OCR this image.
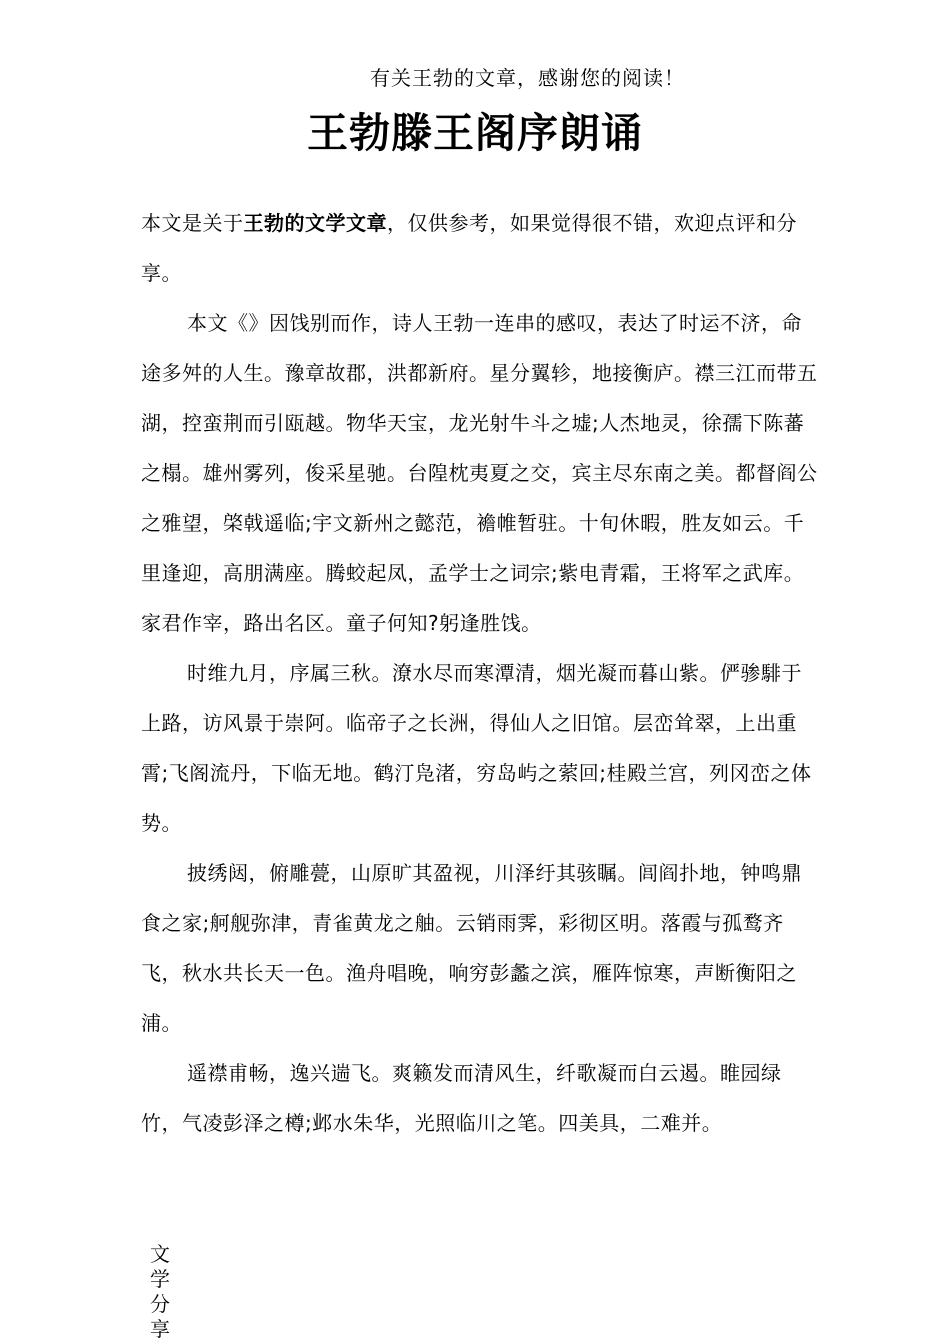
有关王勃的文章，感谢您的阅读！
王勃滕王阁序朗诵

本文是关于王勃的文学文章，仅供参考，如果觉得很不错，欢迎点评和分享。

本文《》因饯别而作，诗人王勃一连串的感叹，表达了时运不济，命途多舛的人生。豫章故郡，洪都新府。星分翼轸，地接衡庐。襟三江而带五湖，控蛮荆而引瓯越。物华天宝，龙光射牛斗之墟;人杰地灵，徐孺下陈蕃之榻。雄州雾列，俊采星驰。台隍枕夷夏之交，宾主尽东南之美。都督阎公之雅望，棨戟遥临;宇文新州之懿范，襜帷暂驻。十旬休暇，胜友如云。千里逢迎，高朋满座。腾蛟起凤，孟学士之词宗;紫电青霜，王将军之武库。家君作宰，路出名区。童子何知?躬逢胜饯。

时维九月，序属三秋。潦水尽而寒潭清，烟光凝而暮山紫。俨骖騑于上路，访风景于崇阿。临帝子之长洲，得仙人之旧馆。层峦耸翠，上出重霄;飞阁流丹，下临无地。鹤汀凫渚，穷岛屿之萦回;桂殿兰宫，列冈峦之体势。

披绣闼，俯雕甍，山原旷其盈视，川泽纡其骇瞩。闾阎扑地，钟鸣鼎食之家;舸舰弥津，青雀黄龙之舳。云销雨霁，彩彻区明。落霞与孤鹜齐飞，秋水共长天一色。渔舟唱晚，响穷彭蠡之滨，雁阵惊寒，声断衡阳之浦。

遥襟甫畅，逸兴遄飞。爽籁发而清风生，纤歌凝而白云遏。睢园绿竹，气凌彭泽之樽;邺水朱华，光照临川之笔。四美具，二难并。

文学分享
